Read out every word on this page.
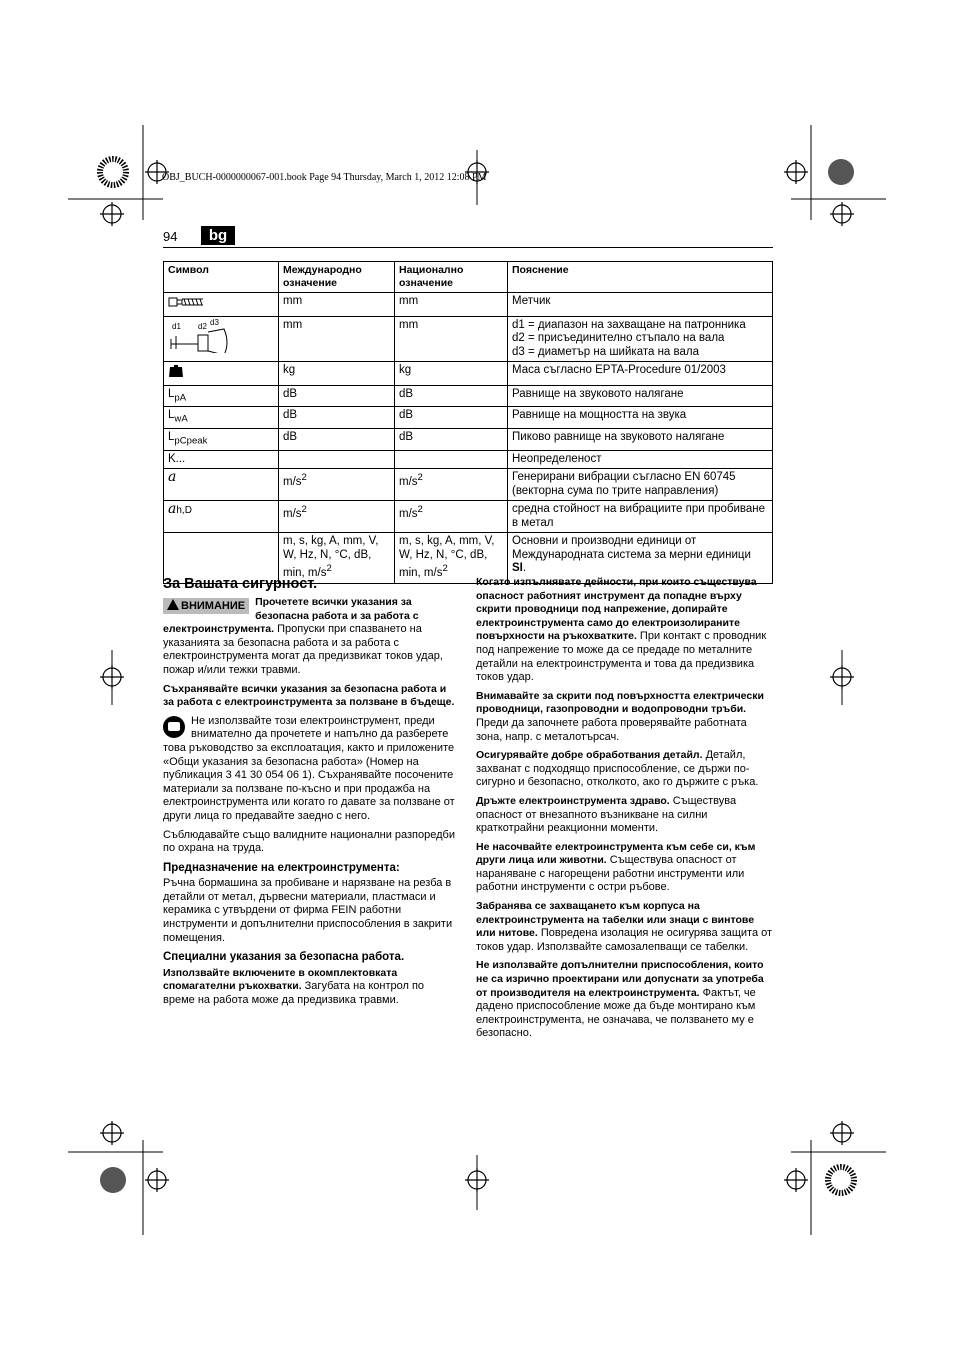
OBJ_BUCH-0000000067-001.book Page 94 Thursday, March 1, 2012 12:08 PM
94	bg
Символ	Международно означение	Национално означение	Пояснение
	mm	mm	Метчик

d1 d2 d3	mm	mm	d1 = диапазон на захващане на патронника
d2 = присъединително стъпало на вала
d3 = диаметър на шийката на вала
	kg	kg	Маса съгласно EPTA-Procedure 01/2003
$L_{pA}$	dB	dB	Равнище на звуковото налягане
$L_{wA}$	dB	dB	Равнище на мощността на звука
$L_{pCpeak}$	dB	dB	Пиково равнище на звуковото налягане
K...			Неопределеност
a	$m/s^2$	$m/s^2$	Генерирани вибрации съгласно EN 60745 (векторна сума по трите направления)
ah,D	$m/s^2$	$m/s^2$	средна стойност на вибрациите при пробиване в метал
	m, s, kg, A, mm, V, W, Hz, N, °C, dB, min, $m/s^2$	m, s, kg, A, mm, V, W, Hz, N, °C, dB, min, $m/s^2$	Основни и производни единици от Международната система за мерни единици SI.
За Вашата сигурност.

ВНИМАНИЕ Прочетете всички указания за безопасна работа и за работа с електроинструмента. Пропуски при спазването на указанията за безопасна работа и за работа с електроинструмента могат да предизвикат токов удар, пожар и/или тежки травми.

Съхранявайте всички указания за безопасна работа и за работа с електроинструмента за ползване в бъдеще.

Не използвайте този електроинструмент, преди внимателно да прочетете и напълно да разберете това ръководство за експлоатация, както и приложените «Общи указания за безопасна работа» (Номер на публикация 3 41 30 054 06 1). Съхранявайте посочените материали за ползване по-късно и при продажба на електроинструмента или когато го давате за ползване от други лица го предавайте заедно с него.

Съблюдавайте също валидните национални разпоредби по охрана на труда.

Предназначение на електроинструмента:

Ръчна бормашина за пробиване и нарязване на резба в детайли от метал, дървесни материали, пластмаси и керамика с утвърдени от фирма FEIN работни инструменти и допълнителни приспособления в закрити помещения.

Специални указания за безопасна работа.

Използвайте включените в окомплектовката спомагателни ръкохватки. Загубата на контрол по време на работа може да предизвика травми.

Когато изпълнявате дейности, при които съществува опасност работният инструмент да попадне върху скрити проводници под напрежение, допирайте електроинструмента само до електроизолираните повърхности на ръкохватките. При контакт с проводник под напрежение то може да се предаде по металните детайли на електроинструмента и това да предизвика токов удар.

Внимавайте за скрити под повърхността електрически проводници, газопроводни и водопроводни тръби. Преди да започнете работа проверявайте работната зона, напр. с металотърсач.

Осигурявайте добре обработвания детайл. Детайл, захванат с подходящо приспособление, се държи по-сигурно и безопасно, отколкото, ако го държите с ръка.

Дръжте електроинструмента здраво. Съществува опасност от внезапното възникване на силни краткотрайни реакционни моменти.

Не насочвайте електроинструмента към себе си, към други лица или животни. Съществува опасност от нараняване с нагорещени работни инструменти или работни инструменти с остри ръбове.

Забранява се захващането към корпуса на електроинструмента на табелки или знаци с винтове или нитове. Повредена изолация не осигурява защита от токов удар. Използвайте самозалепващи се табелки.

Не използвайте допълнителни приспособления, които не са изрично проектирани или допуснати за употреба от производителя на електроинструмента. Фактът, че дадено приспособление може да бъде монтирано към електроинструмента, не означава, че ползването му е безопасно.
